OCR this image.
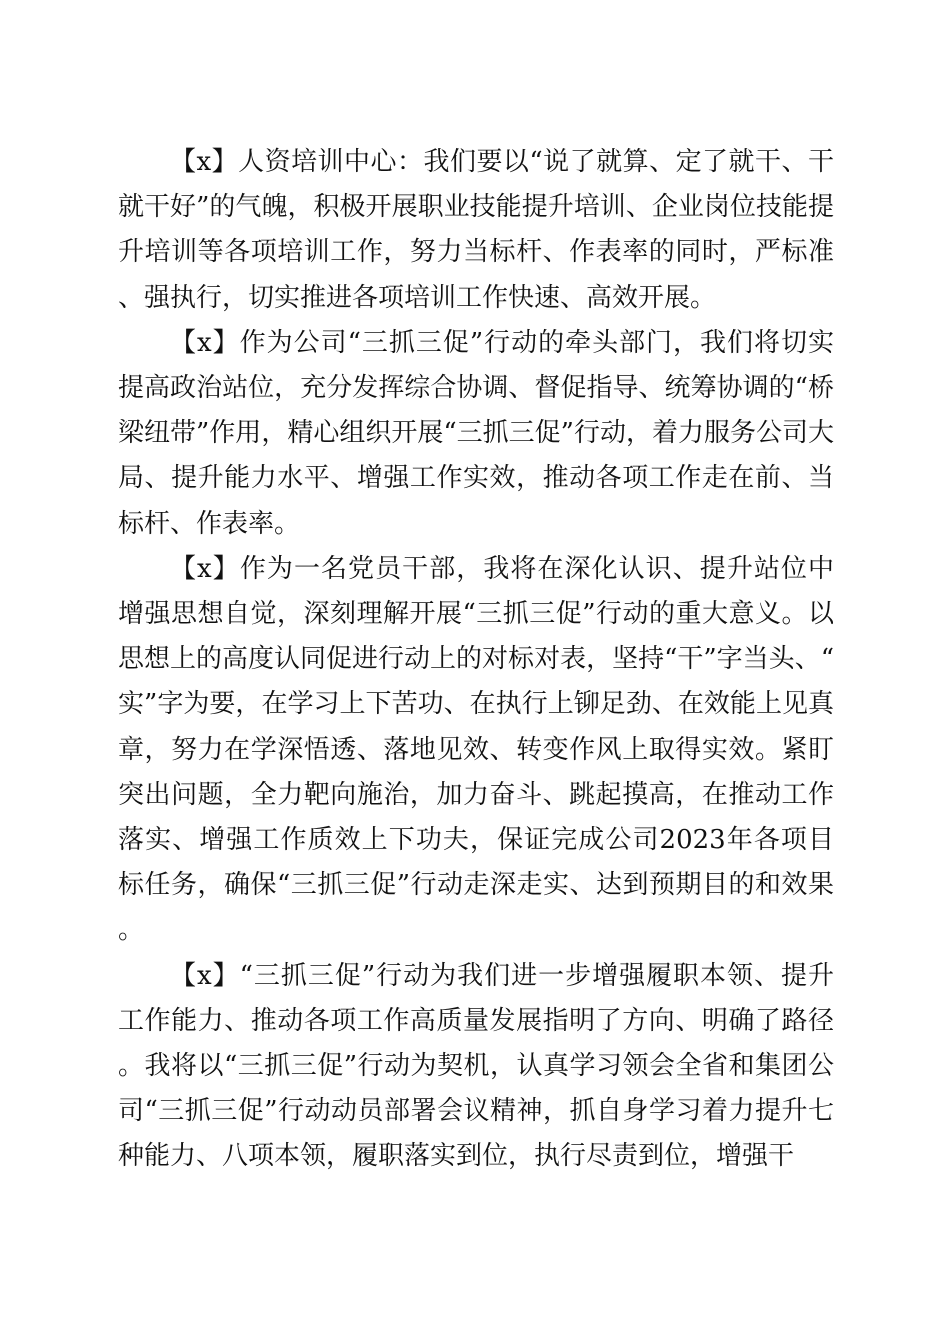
【x】人资培训中心：我们要以“说了就算、定了就干、干就干好”的气魄，积极开展职业技能提升培训、企业岗位技能提升培训等各项培训工作，努力当标杆、作表率的同时，严标准、强执行，切实推进各项培训工作快速、高效开展。

【x】作为公司“三抓三促”行动的牵头部门，我们将切实提高政治站位，充分发挥综合协调、督促指导、统筹协调的“桥梁纽带”作用，精心组织开展“三抓三促”行动，着力服务公司大局、提升能力水平、增强工作实效，推动各项工作走在前、当标杆、作表率。

【x】作为一名党员干部，我将在深化认识、提升站位中增强思想自觉，深刻理解开展“三抓三促”行动的重大意义。以思想上的高度认同促进行动上的对标对表，坚持“干”字当头、“实”字为要，在学习上下苦功、在执行上铆足劲、在效能上见真章，努力在学深悟透、落地见效、转变作风上取得实效。紧盯突出问题，全力靶向施治，加力奋斗、跳起摸高，在推动工作落实、增强工作质效上下功夫，保证完成公司2023年各项目标任务，确保“三抓三促”行动走深走实、达到预期目的和效果。

【x】“三抓三促”行动为我们进一步增强履职本领、提升工作能力、推动各项工作高质量发展指明了方向、明确了路径。我将以“三抓三促”行动为契机，认真学习领会全省和集团公司“三抓三促”行动动员部署会议精神，抓自身学习着力提升七种能力、八项本领，履职落实到位，执行尽责到位，增强干
